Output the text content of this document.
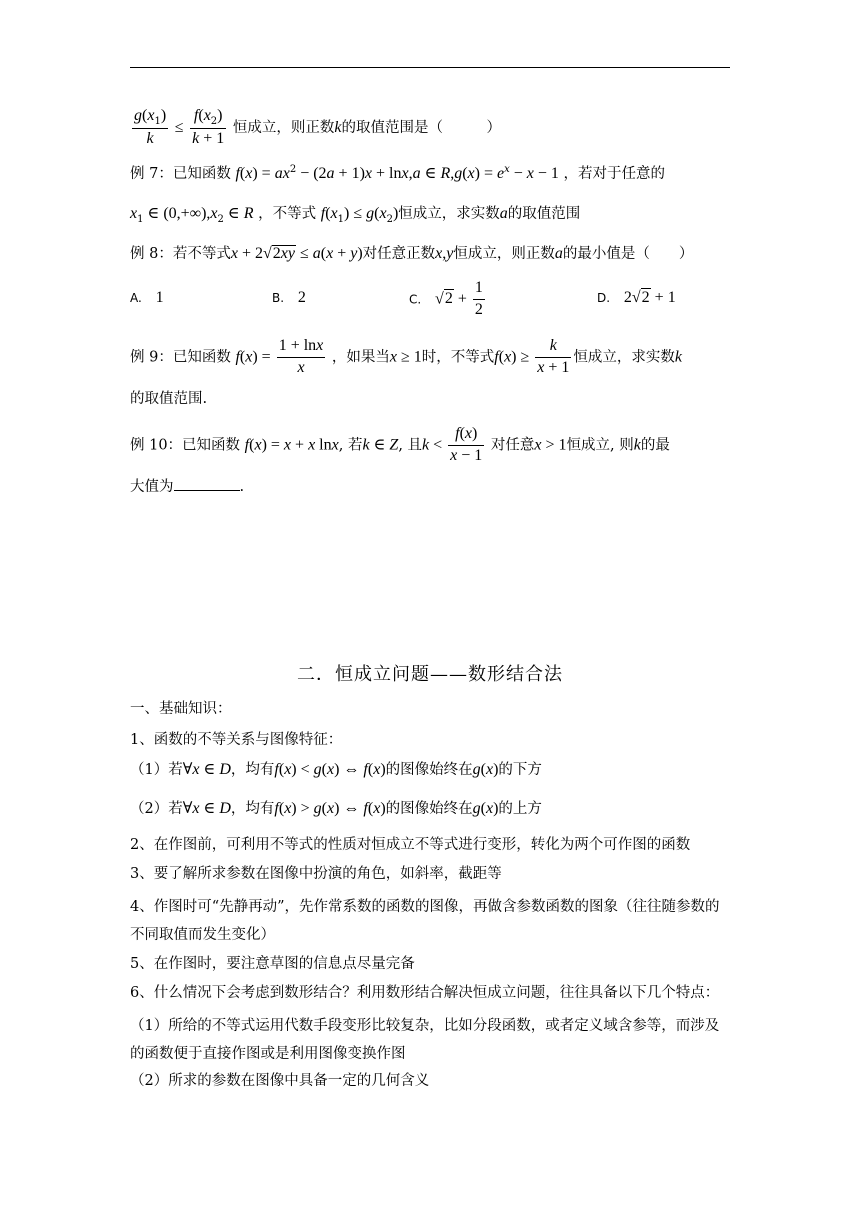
$\frac{g(x_1)}{k} \le \frac{f(x_2)}{k + 1}$ 恒成立，则正数k的取值范围是（　　　）
例 7：已知函数 $f(x) = ax^2 - (2a + 1)x + \ln x,a$ ∈ $R,g(x) = e^x - x - 1$ ，若对于任意的
$x_1$ ∈ $(0,+\infty),x_2$ ∈ R ，不等式 $f(x_1) \le g(x_2)$恒成立，求实数a的取值范围
例 8：若不等式x + 2√2xy ≤ a(x + y)对任意正数x,y恒成立，则正数a的最小值是（　　）
A. 1	B. 2	C. $√2 + \frac{1}{2}$	D. 2√2 + 1
例 9：已知函数 $f(x) = \frac{1 + \ln x}{x}$ ，如果当x ≥ 1时，不等式$f(x) \ge \frac{k}{x + 1}$ 恒成立，求实数k
的取值范围.
例 10：已知函数 f(x) = x + x lnx, 若k ∈ Z, 且$k < \frac{f(x)}{x - 1}$ 对任意x > 1恒成立, 则k的最
大值为	.
二．恒成立问题——数形结合法
一、基础知识：
1、函数的不等关系与图像特征：
（1）若∀x ∈ D，均有f(x) < g(x) ⇔ f(x)的图像始终在g(x)的下方
（2）若∀x ∈ D，均有f(x) > g(x) ⇔ f(x)的图像始终在g(x)的上方
2、在作图前，可利用不等式的性质对恒成立不等式进行变形，转化为两个可作图的函数
3、要了解所求参数在图像中扮演的角色，如斜率，截距等
4、作图时可“先静再动”，先作常系数的函数的图像，再做含参数函数的图象（往往随参数的不同取值而发生变化）
5、在作图时，要注意草图的信息点尽量完备
6、什么情况下会考虑到数形结合？利用数形结合解决恒成立问题，往往具备以下几个特点：
（1）所给的不等式运用代数手段变形比较复杂，比如分段函数，或者定义域含参等，而涉及的函数便于直接作图或是利用图像变换作图
（2）所求的参数在图像中具备一定的几何含义
